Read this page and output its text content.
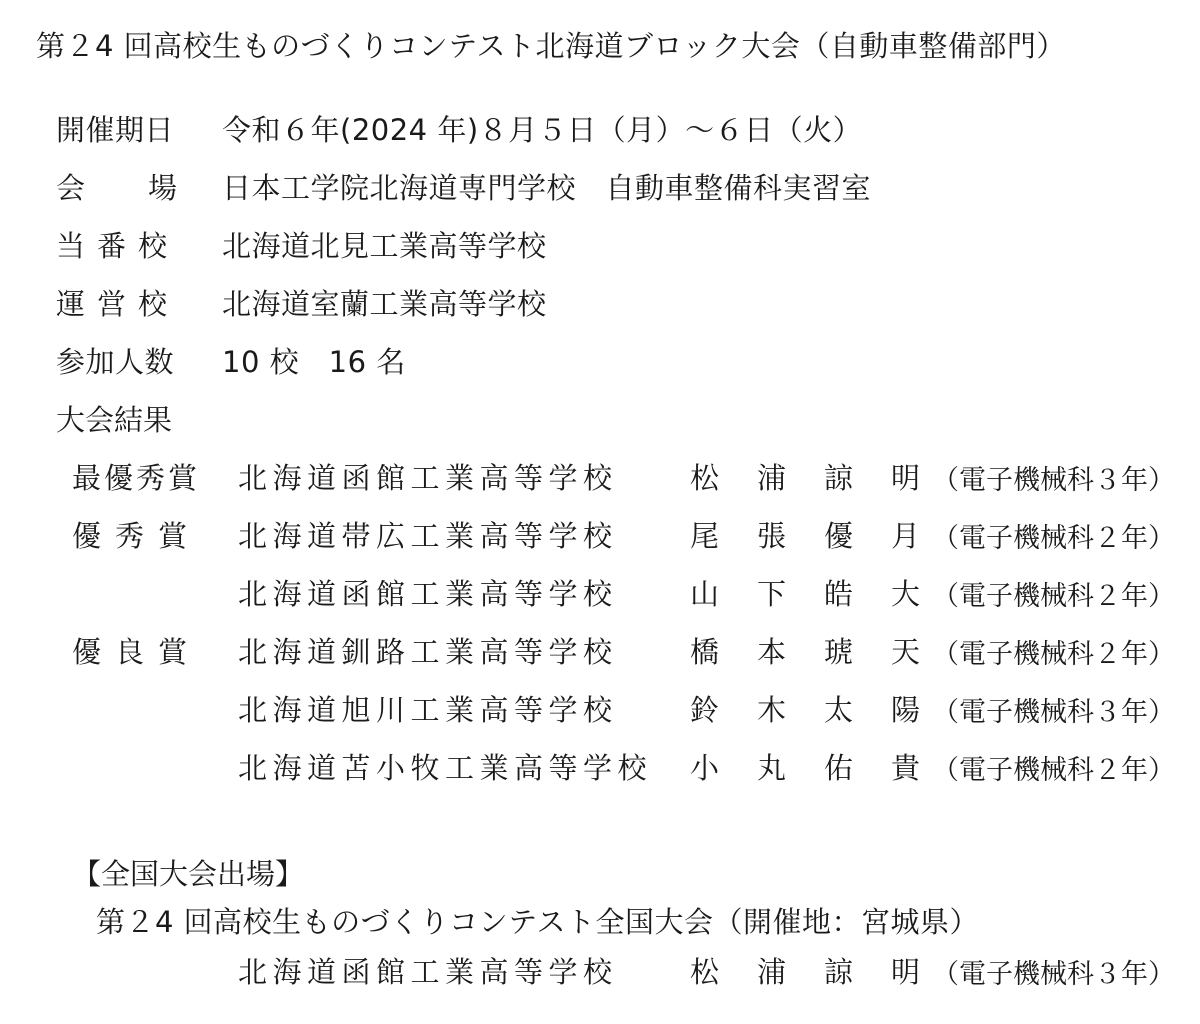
第２4 回高校生ものづくりコンテスト北海道ブロック大会（自動車整備部門）
開催期日 令和６年(2024 年)８月５日（月）～６日（火）
会 場 日本工学院北海道専門学校　自動車整備科実習室
当番校 北海道北見工業高等学校
運営校 北海道室蘭工業高等学校
参加人数 10 校　16 名
大会結果
最優秀賞 北海道函館工業高等学校 松 浦 諒 明 （電子機械科３年）
優秀賞 北海道帯広工業高等学校 尾 張 優 月 （電子機械科２年）
北海道函館工業高等学校 山 下 皓 大 （電子機械科２年）
優良賞 北海道釧路工業高等学校 橋 本 琥 天 （電子機械科２年）
北海道旭川工業高等学校 鈴 木 太 陽 （電子機械科３年）
北海道苫小牧工業高等学校 小 丸 佑 貴 （電子機械科２年）
【全国大会出場】
第２4 回高校生ものづくりコンテスト全国大会（開催地：宮城県）
北海道函館工業高等学校 松 浦 諒 明 （電子機械科３年）
